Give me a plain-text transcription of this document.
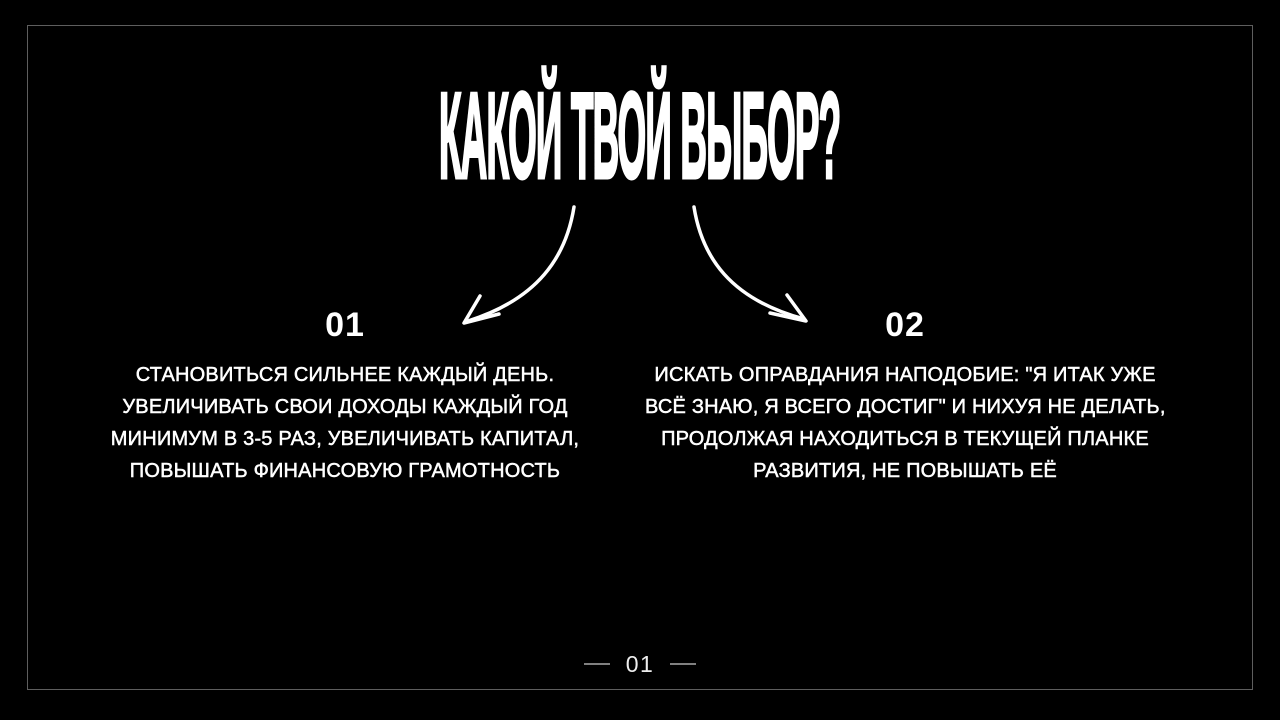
КАКОЙ ТВОЙ ВЫБОР?
01
СТАНОВИТЬСЯ СИЛЬНЕЕ КАЖДЫЙ ДЕНЬ.
УВЕЛИЧИВАТЬ СВОИ ДОХОДЫ КАЖДЫЙ ГОД
МИНИМУМ В 3-5 РАЗ, УВЕЛИЧИВАТЬ КАПИТАЛ,
ПОВЫШАТЬ ФИНАНСОВУЮ ГРАМОТНОСТЬ
02
ИСКАТЬ ОПРАВДАНИЯ НАПОДОБИЕ: "Я ИТАК УЖЕ
ВСЁ ЗНАЮ, Я ВСЕГО ДОСТИГ" И НИХУЯ НЕ ДЕЛАТЬ,
ПРОДОЛЖАЯ НАХОДИТЬСЯ В ТЕКУЩЕЙ ПЛАНКЕ
РАЗВИТИЯ, НЕ ПОВЫШАТЬ ЕЁ
01
